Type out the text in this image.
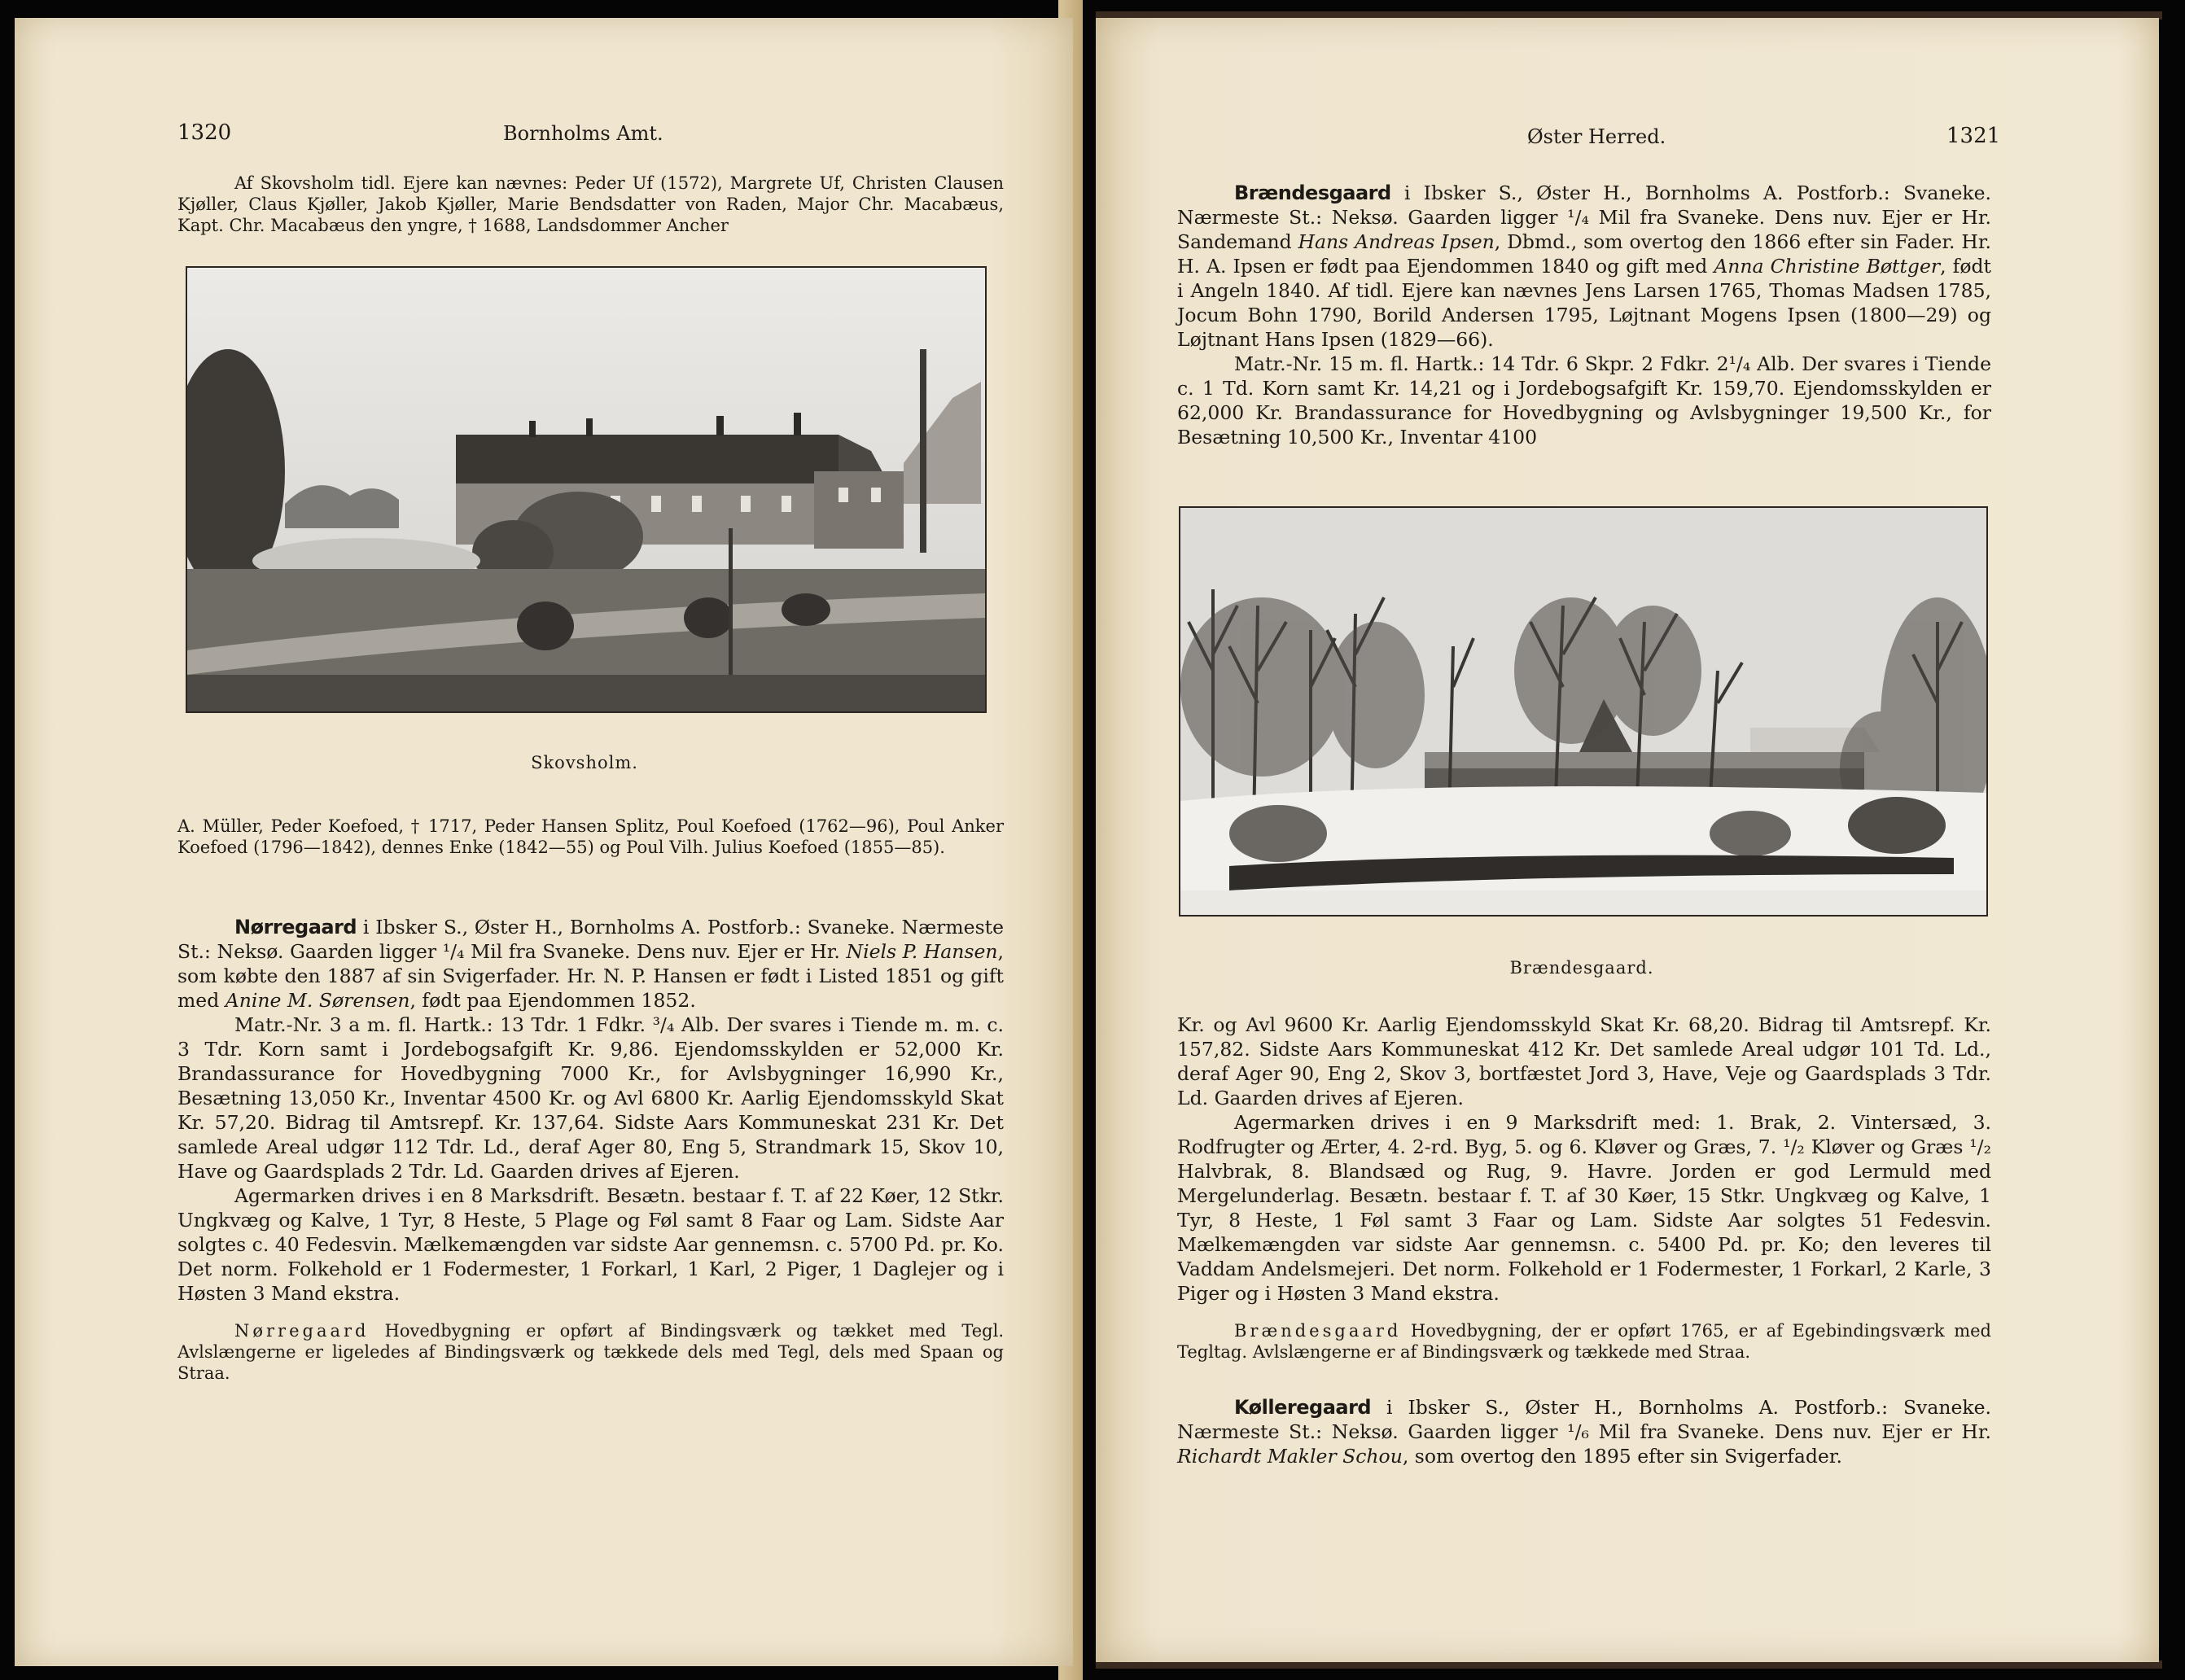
1320	Bornholms Amt.
Af Skovsholm tidl. Ejere kan nævnes: Peder Uf (1572), Margrete Uf, Christen Clausen Kjøller, Claus Kjøller, Jakob Kjøller, Marie Bendsdatter von Raden, Major Chr. Macabæus, Kapt. Chr. Macabæus den yngre, † 1688, Landsdommer Ancher
Skovsholm.
A. Müller, Peder Koefoed, † 1717, Peder Hansen Splitz, Poul Koefoed (1762—96), Poul Anker Koefoed (1796—1842), dennes Enke (1842—55) og Poul Vilh. Julius Koefoed (1855—85).

Nørregaard i Ibsker S., Øster H., Bornholms A. Postforb.: Svaneke. Nærmeste St.: Neksø. Gaarden ligger ¹/₄ Mil fra Svaneke. Dens nuv. Ejer er Hr. Niels P. Hansen, som købte den 1887 af sin Svigerfader. Hr. N. P. Hansen er født i Listed 1851 og gift med Anine M. Sørensen, født paa Ejendommen 1852.

Matr.-Nr. 3 a m. fl. Hartk.: 13 Tdr. 1 Fdkr. ³/₄ Alb. Der svares i Tiende m. m. c. 3 Tdr. Korn samt i Jordebogsafgift Kr. 9,86. Ejendomsskylden er 52,000 Kr. Brandassurance for Hovedbygning 7000 Kr., for Avlsbygninger 16,990 Kr., Besætning 13,050 Kr., Inventar 4500 Kr. og Avl 6800 Kr. Aarlig Ejendomsskyld Skat Kr. 57,20. Bidrag til Amtsrepf. Kr. 137,64. Sidste Aars Kommuneskat 231 Kr. Det samlede Areal udgør 112 Tdr. Ld., deraf Ager 80, Eng 5, Strandmark 15, Skov 10, Have og Gaardsplads 2 Tdr. Ld. Gaarden drives af Ejeren.

Agermarken drives i en 8 Marksdrift. Besætn. bestaar f. T. af 22 Køer, 12 Stkr. Ungkvæg og Kalve, 1 Tyr, 8 Heste, 5 Plage og Føl samt 8 Faar og Lam. Sidste Aar solgtes c. 40 Fedesvin. Mælkemængden var sidste Aar gennemsn. c. 5700 Pd. pr. Ko. Det norm. Folkehold er 1 Fodermester, 1 Forkarl, 1 Karl, 2 Piger, 1 Daglejer og i Høsten 3 Mand ekstra.

Nørregaard Hovedbygning er opført af Bindingsværk og tækket med Tegl. Avlslængerne er ligeledes af Bindingsværk og tækkede dels med Tegl, dels med Spaan og Straa.

Øster Herred.	1321

Brændesgaard i Ibsker S., Øster H., Bornholms A. Postforb.: Svaneke. Nærmeste St.: Neksø. Gaarden ligger ¹/₄ Mil fra Svaneke. Dens nuv. Ejer er Hr. Sandemand Hans Andreas Ipsen, Dbmd., som overtog den 1866 efter sin Fader. Hr. H. A. Ipsen er født paa Ejendommen 1840 og gift med Anna Christine Bøttger, født i Angeln 1840. Af tidl. Ejere kan nævnes Jens Larsen 1765, Thomas Madsen 1785, Jocum Bohn 1790, Borild Andersen 1795, Løjtnant Mogens Ipsen (1800—29) og Løjtnant Hans Ipsen (1829—66).

Matr.-Nr. 15 m. fl. Hartk.: 14 Tdr. 6 Skpr. 2 Fdkr. 2¹/₄ Alb. Der svares i Tiende c. 1 Td. Korn samt Kr. 14,21 og i Jordebogsafgift Kr. 159,70. Ejendomsskylden er 62,000 Kr. Brandassurance for Hovedbygning og Avlsbygninger 19,500 Kr., for Besætning 10,500 Kr., Inventar 4100

Brændesgaard.

Kr. og Avl 9600 Kr. Aarlig Ejendomsskyld Skat Kr. 68,20. Bidrag til Amtsrepf. Kr. 157,82. Sidste Aars Kommuneskat 412 Kr. Det samlede Areal udgør 101 Td. Ld., deraf Ager 90, Eng 2, Skov 3, bortfæstet Jord 3, Have, Veje og Gaardsplads 3 Tdr. Ld. Gaarden drives af Ejeren.

Agermarken drives i en 9 Marksdrift med: 1. Brak, 2. Vintersæd, 3. Rodfrugter og Ærter, 4. 2-rd. Byg, 5. og 6. Kløver og Græs, 7. ¹/₂ Kløver og Græs ¹/₂ Halvbrak, 8. Blandsæd og Rug, 9. Havre. Jorden er god Lermuld med Mergelunderlag. Besætn. bestaar f. T. af 30 Køer, 15 Stkr. Ungkvæg og Kalve, 1 Tyr, 8 Heste, 1 Føl samt 3 Faar og Lam. Sidste Aar solgtes 51 Fedesvin. Mælkemængden var sidste Aar gennemsn. c. 5400 Pd. pr. Ko; den leveres til Vaddam Andelsmejeri. Det norm. Folkehold er 1 Fodermester, 1 Forkarl, 2 Karle, 3 Piger og i Høsten 3 Mand ekstra.

Brændesgaard Hovedbygning, der er opført 1765, er af Egebindingsværk med Tegltag. Avlslængerne er af Bindingsværk og tækkede med Straa.

Kølleregaard i Ibsker S., Øster H., Bornholms A. Postforb.: Svaneke. Nærmeste St.: Neksø. Gaarden ligger ¹/₆ Mil fra Svaneke. Dens nuv. Ejer er Hr. Richardt Makler Schou, som overtog den 1895 efter sin Svigerfader.
